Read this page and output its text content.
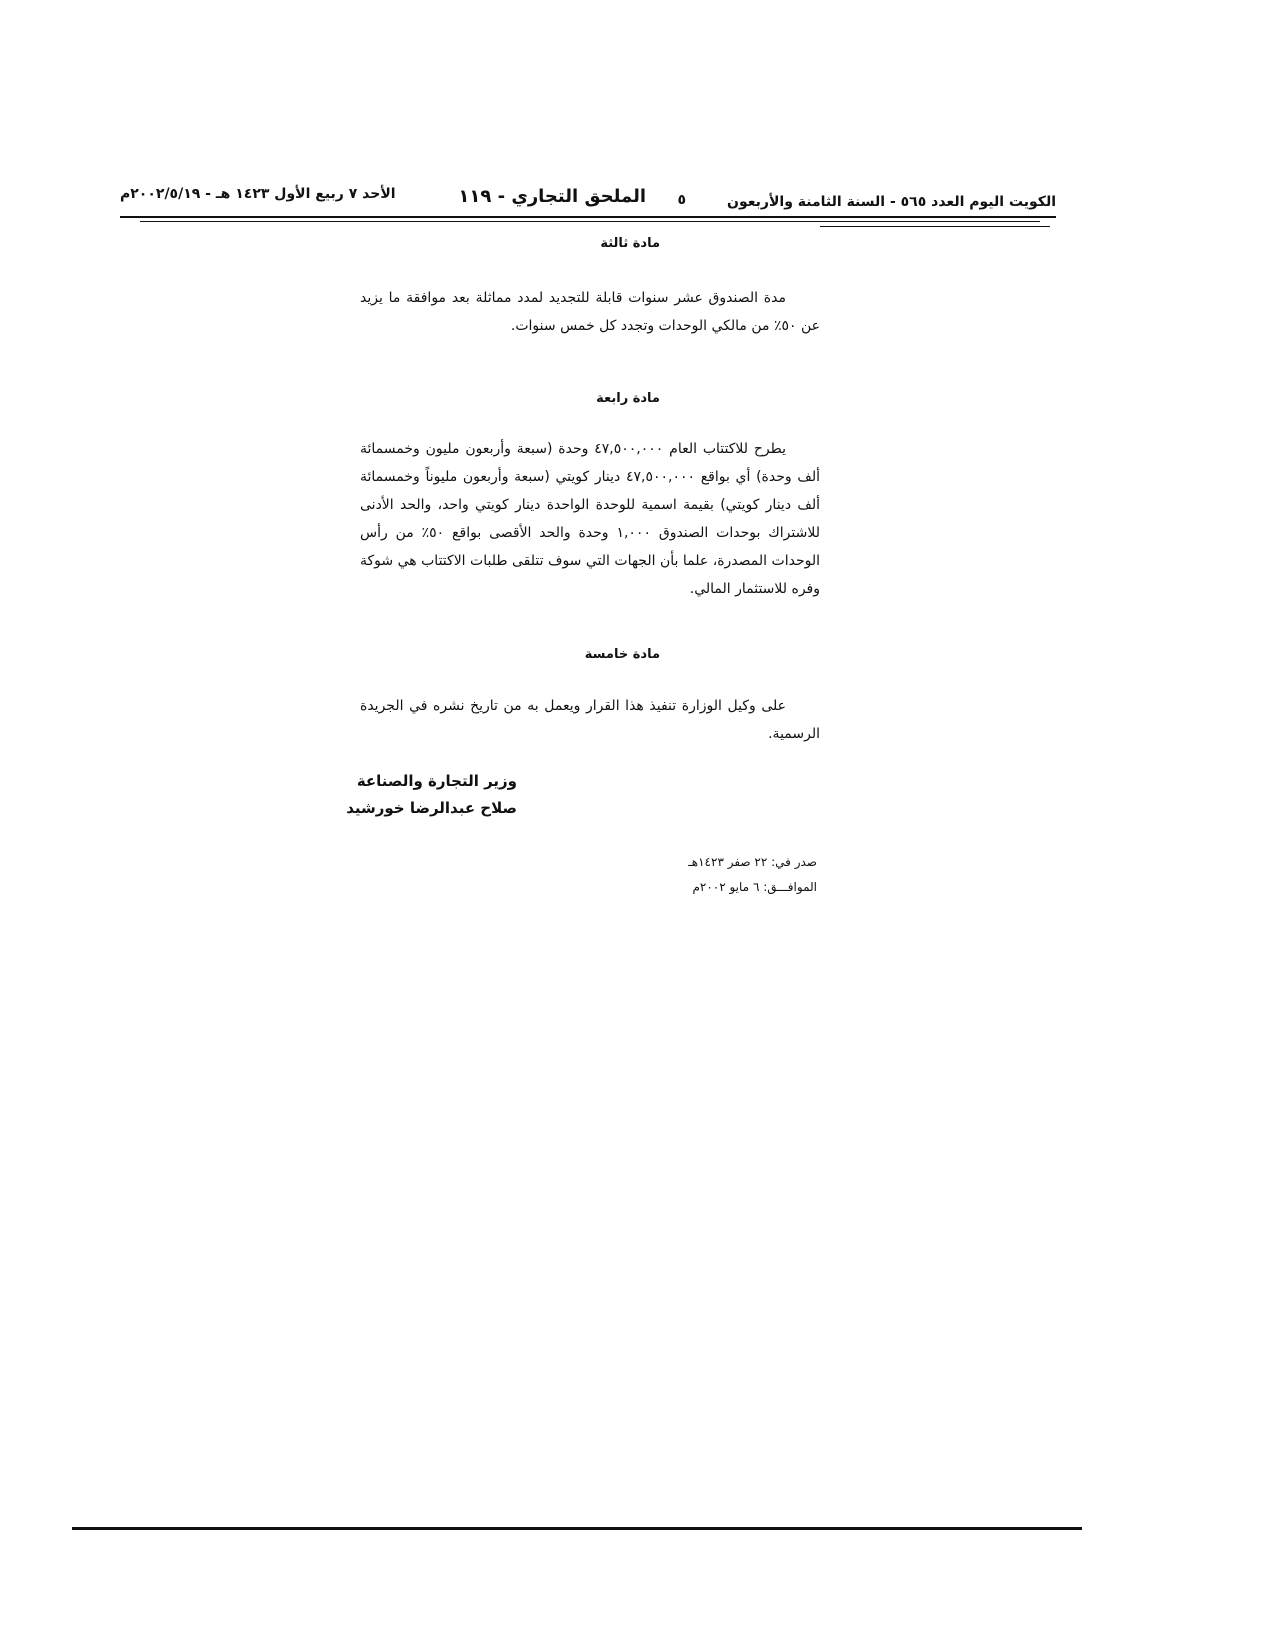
الكويت اليوم العدد ٥٦٥ - السنة الثامنة والأربعون
٥
الملحق التجاري - ١١٩
الأحد ٧ ربيع الأول ١٤٢٣ هـ - ٢٠٠٢/٥/١٩م
مادة ثالثة
مدة الصندوق عشر سنوات قابلة للتجديد لمدد مماثلة بعد موافقة ما يزيد عن ٥٠٪ من مالكي الوحدات وتجدد كل خمس سنوات.
مادة رابعة
يطرح للاكتتاب العام ٤٧,٥٠٠,٠٠٠ وحدة (سبعة وأربعون مليون وخمسمائة ألف وحدة) أي بواقع ٤٧,٥٠٠,٠٠٠ دينار كويتي (سبعة وأربعون مليوناً وخمسمائة ألف دينار كويتي) بقيمة اسمية للوحدة الواحدة دينار كويتي واحد، والحد الأدنى للاشتراك بوحدات الصندوق ١,٠٠٠ وحدة والحد الأقصى بواقع ٥٠٪ من رأس الوحدات المصدرة، علما بأن الجهات التي سوف تتلقى طلبات الاكتتاب هي شوكة وفره للاستثمار المالي.
مادة خامسة
على وكيل الوزارة تنفيذ هذا القرار ويعمل به من تاريخ نشره في الجريدة الرسمية.
وزير التجارة والصناعة
صلاح عبدالرضا خورشيد
صدر في: ٢٢ صفر ١٤٢٣هـ
الموافـــق: ٦ مايو ٢٠٠٢م
